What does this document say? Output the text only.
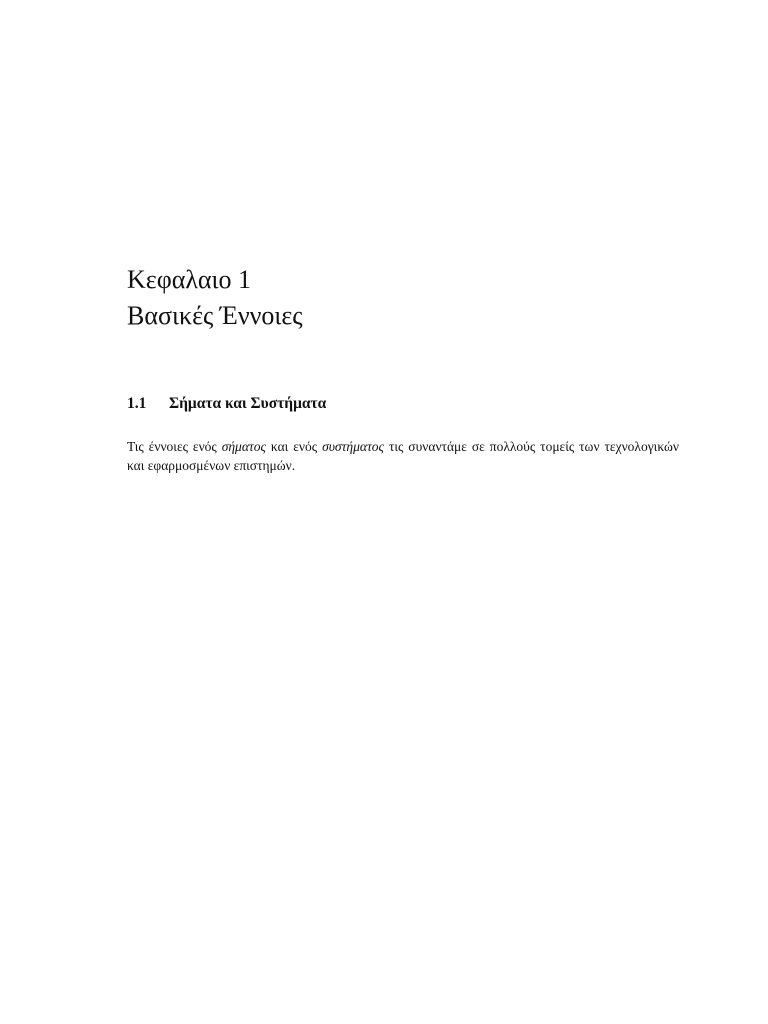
Κεφαλαιο 1
Βασικές Έννοιες
1.1 Σήματα και Συστήματα

Τις έννοιες ενός σήματος και ενός συστήματος τις συναντάμε σε πολλούς τομείς των τεχνολογικών και εφαρμοσμένων επιστημών.
